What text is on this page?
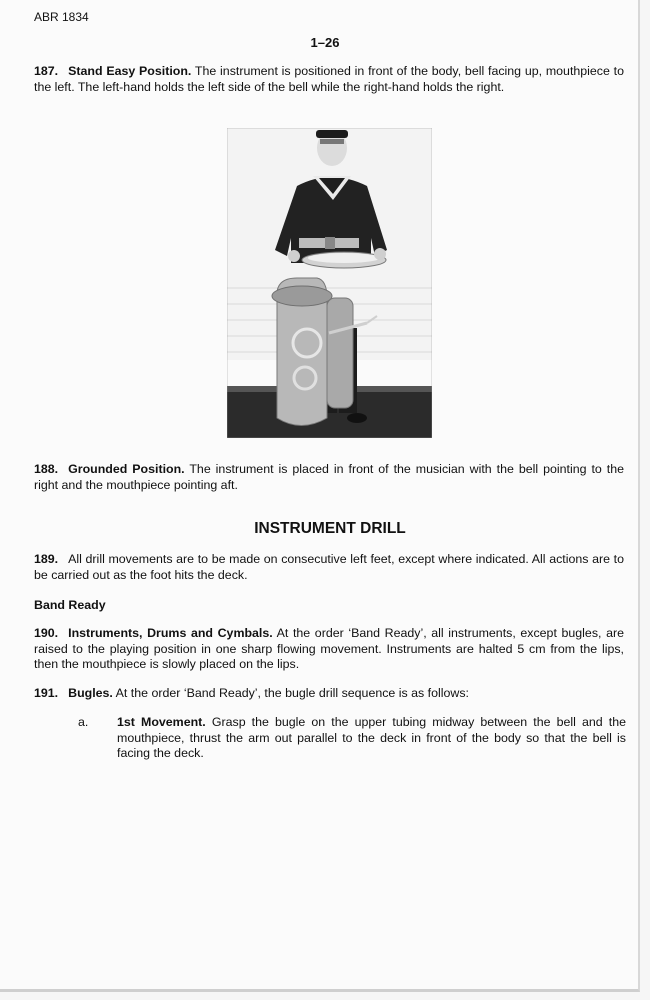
ABR 1834
1–26
187. Stand Easy Position. The instrument is positioned in front of the body, bell facing up, mouthpiece to the left. The left-hand holds the left side of the bell while the right-hand holds the right.
188. Grounded Position. The instrument is placed in front of the musician with the bell pointing to the right and the mouthpiece pointing aft.
INSTRUMENT DRILL
189. All drill movements are to be made on consecutive left feet, except where indicated. All actions are to be carried out as the foot hits the deck.
Band Ready
190. Instruments, Drums and Cymbals. At the order ‘Band Ready’, all instruments, except bugles, are raised to the playing position in one sharp flowing movement. Instruments are halted 5 cm from the lips, then the mouthpiece is slowly placed on the lips.
191. Bugles. At the order ‘Band Ready’, the bugle drill sequence is as follows:
a. 1st Movement. Grasp the bugle on the upper tubing midway between the bell and the mouthpiece, thrust the arm out parallel to the deck in front of the body so that the bell is facing the deck.
